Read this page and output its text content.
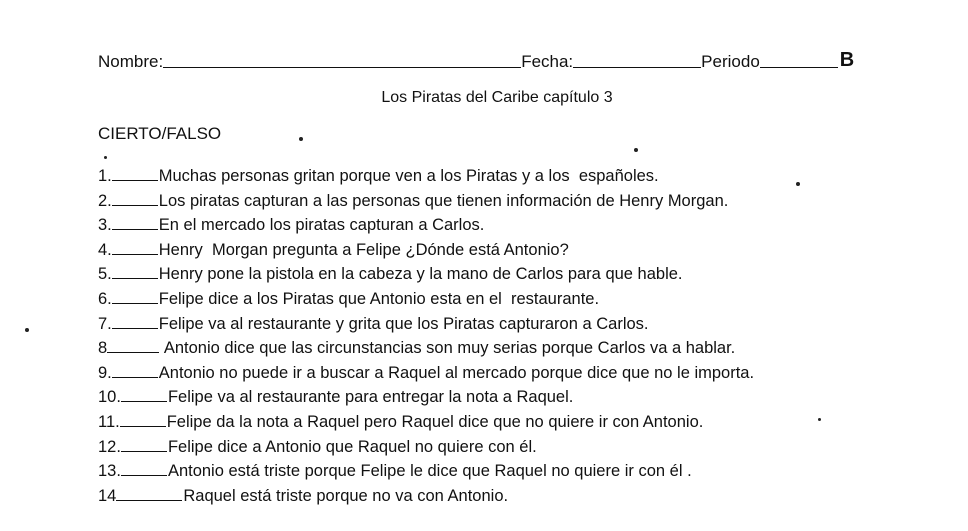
Nombre:	Fecha:	Periodo	B
Los Piratas del Caribe capítulo 3
CIERTO/FALSO
1.	Muchas personas gritan porque ven a los Piratas y a los  españoles.
2.	Los piratas capturan a las personas que tienen información de Henry Morgan.
3.	En el mercado los piratas capturan a Carlos.
4.	Henry  Morgan pregunta a Felipe ¿Dónde está Antonio?
5.	Henry pone la pistola en la cabeza y la mano de Carlos para que hable.
6.	Felipe dice a los Piratas que Antonio esta en el  restaurante.
7.	Felipe va al restaurante y grita que los Piratas capturaron a Carlos.
8	Antonio dice que las circunstancias son muy serias porque Carlos va a hablar.
9.	Antonio no puede ir a buscar a Raquel al mercado porque dice que no le importa.
10.	Felipe va al restaurante para entregar la nota a Raquel.
11.	Felipe da la nota a Raquel pero Raquel dice que no quiere ir con Antonio.
12.	Felipe dice a Antonio que Raquel no quiere con él.
13.	Antonio está triste porque Felipe le dice que Raquel no quiere ir con él .
14	Raquel está triste porque no va con Antonio.
